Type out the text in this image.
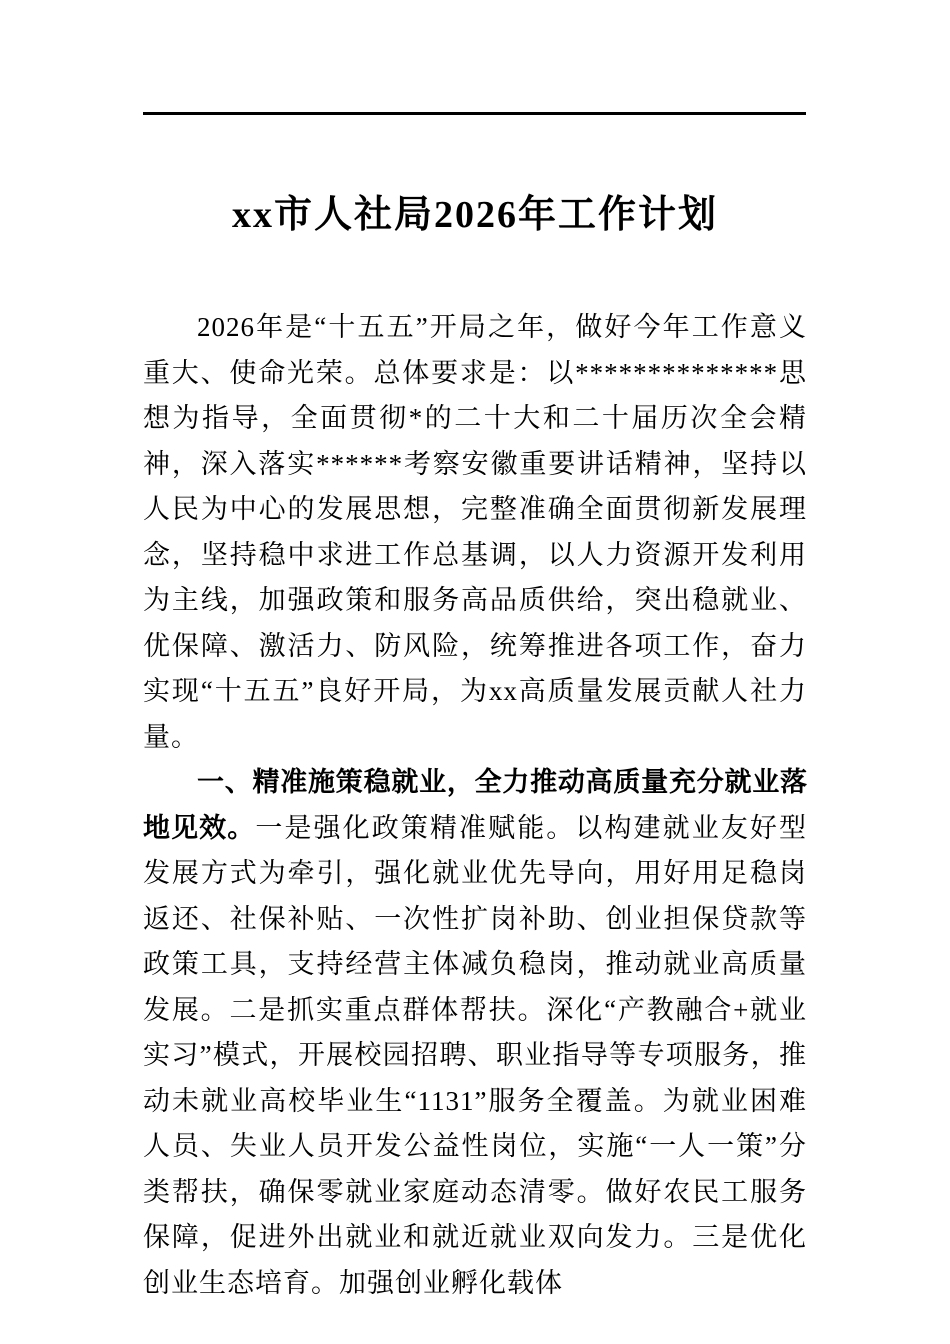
xx市人社局2026年工作计划

2026年是“十五五”开局之年，做好今年工作意义重大、使命光荣。总体要求是：以**************思想为指导，全面贯彻*的二十大和二十届历次全会精神，深入落实******考察安徽重要讲话精神，坚持以人民为中心的发展思想，完整准确全面贯彻新发展理念，坚持稳中求进工作总基调，以人力资源开发利用为主线，加强政策和服务高品质供给，突出稳就业、优保障、激活力、防风险，统筹推进各项工作，奋力实现“十五五”良好开局，为xx高质量发展贡献人社力量。

一、精准施策稳就业，全力推动高质量充分就业落地见效。一是强化政策精准赋能。以构建就业友好型发展方式为牵引，强化就业优先导向，用好用足稳岗返还、社保补贴、一次性扩岗补助、创业担保贷款等政策工具，支持经营主体减负稳岗，推动就业高质量发展。二是抓实重点群体帮扶。深化“产教融合+就业实习”模式，开展校园招聘、职业指导等专项服务，推动未就业高校毕业生“1131”服务全覆盖。为就业困难人员、失业人员开发公益性岗位，实施“一人一策”分类帮扶，确保零就业家庭动态清零。做好农民工服务保障，促进外出就业和就近就业双向发力。三是优化创业生态培育。加强创业孵化载体
